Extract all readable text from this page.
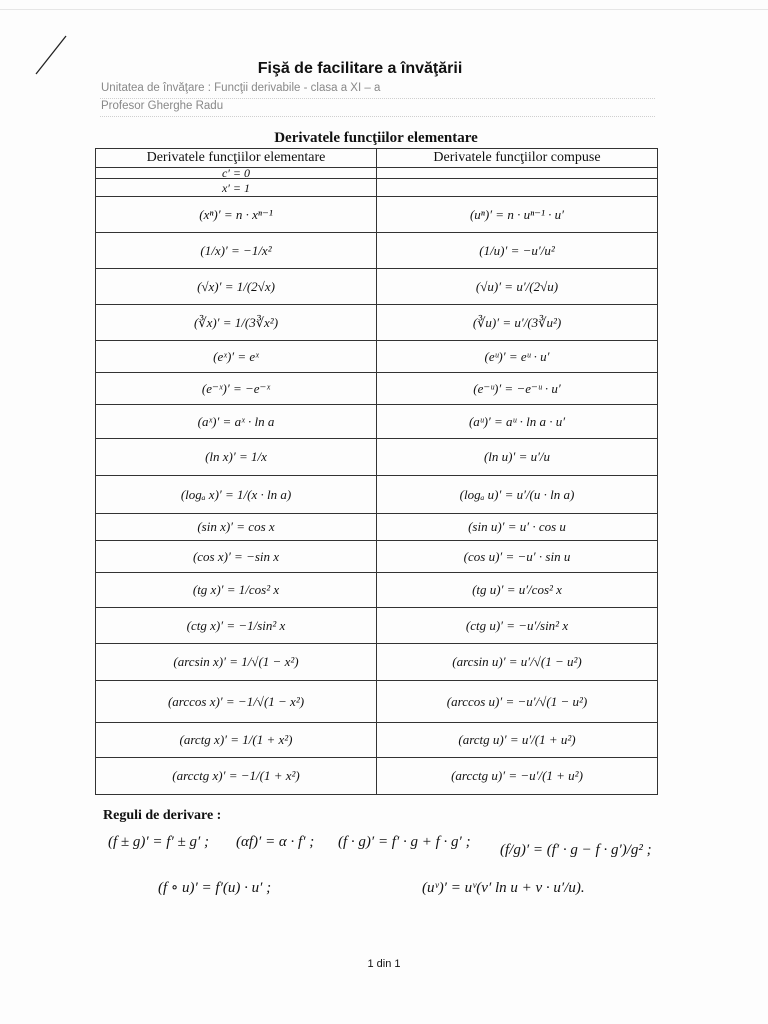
Fişă de facilitare a învăţării
Unitatea de învăţare : Funcţii derivabile - clasa a XI – a
Profesor Gherghe Radu
Derivatele funcţiilor elementare
Derivatele funcţiilor elementare	Derivatele funcţiilor compuse
c′ = 0	
x′ = 1	
(xⁿ)′ = n · xⁿ⁻¹	(uⁿ)′ = n · uⁿ⁻¹ · u′
(1/x)′ = −1/x²	(1/u)′ = −u′/u²
(√x)′ = 1/(2√x)	(√u)′ = u′/(2√u)
(∛x)′ = 1/(3∛x²)	(∛u)′ = u′/(3∛u²)
(eˣ)′ = eˣ	(eᵘ)′ = eᵘ · u′
(e⁻ˣ)′ = −e⁻ˣ	(e⁻ᵘ)′ = −e⁻ᵘ · u′
(aˣ)′ = aˣ · ln a	(aᵘ)′ = aᵘ · ln a · u′
(ln x)′ = 1/x	(ln u)′ = u′/u
(logₐ x)′ = 1/(x · ln a)	(logₐ u)′ = u′/(u · ln a)
(sin x)′ = cos x	(sin u)′ = u′ · cos u
(cos x)′ = −sin x	(cos u)′ = −u′ · sin u
(tg x)′ = 1/cos² x	(tg u)′ = u′/cos² x
(ctg x)′ = −1/sin² x	(ctg u)′ = −u′/sin² x
(arcsin x)′ = 1/√(1 − x²)	(arcsin u)′ = u′/√(1 − u²)
(arccos x)′ = −1/√(1 − x²)	(arccos u)′ = −u′/√(1 − u²)
(arctg x)′ = 1/(1 + x²)	(arctg u)′ = u′/(1 + u²)
(arcctg x)′ = −1/(1 + x²)	(arcctg u)′ = −u′/(1 + u²)
Reguli de derivare :
(f ± g)′ = f′ ± g′ ; (αf)′ = α · f′ ; (f · g)′ = f′ · g + f · g′ ; (f/g)′ = (f′ · g − f · g′)/g² ;
(f ∘ u)′ = f′(u) · u′ ;	(uᵛ)′ = uᵛ(v′ ln u + v · u′/u).
1 din 1
